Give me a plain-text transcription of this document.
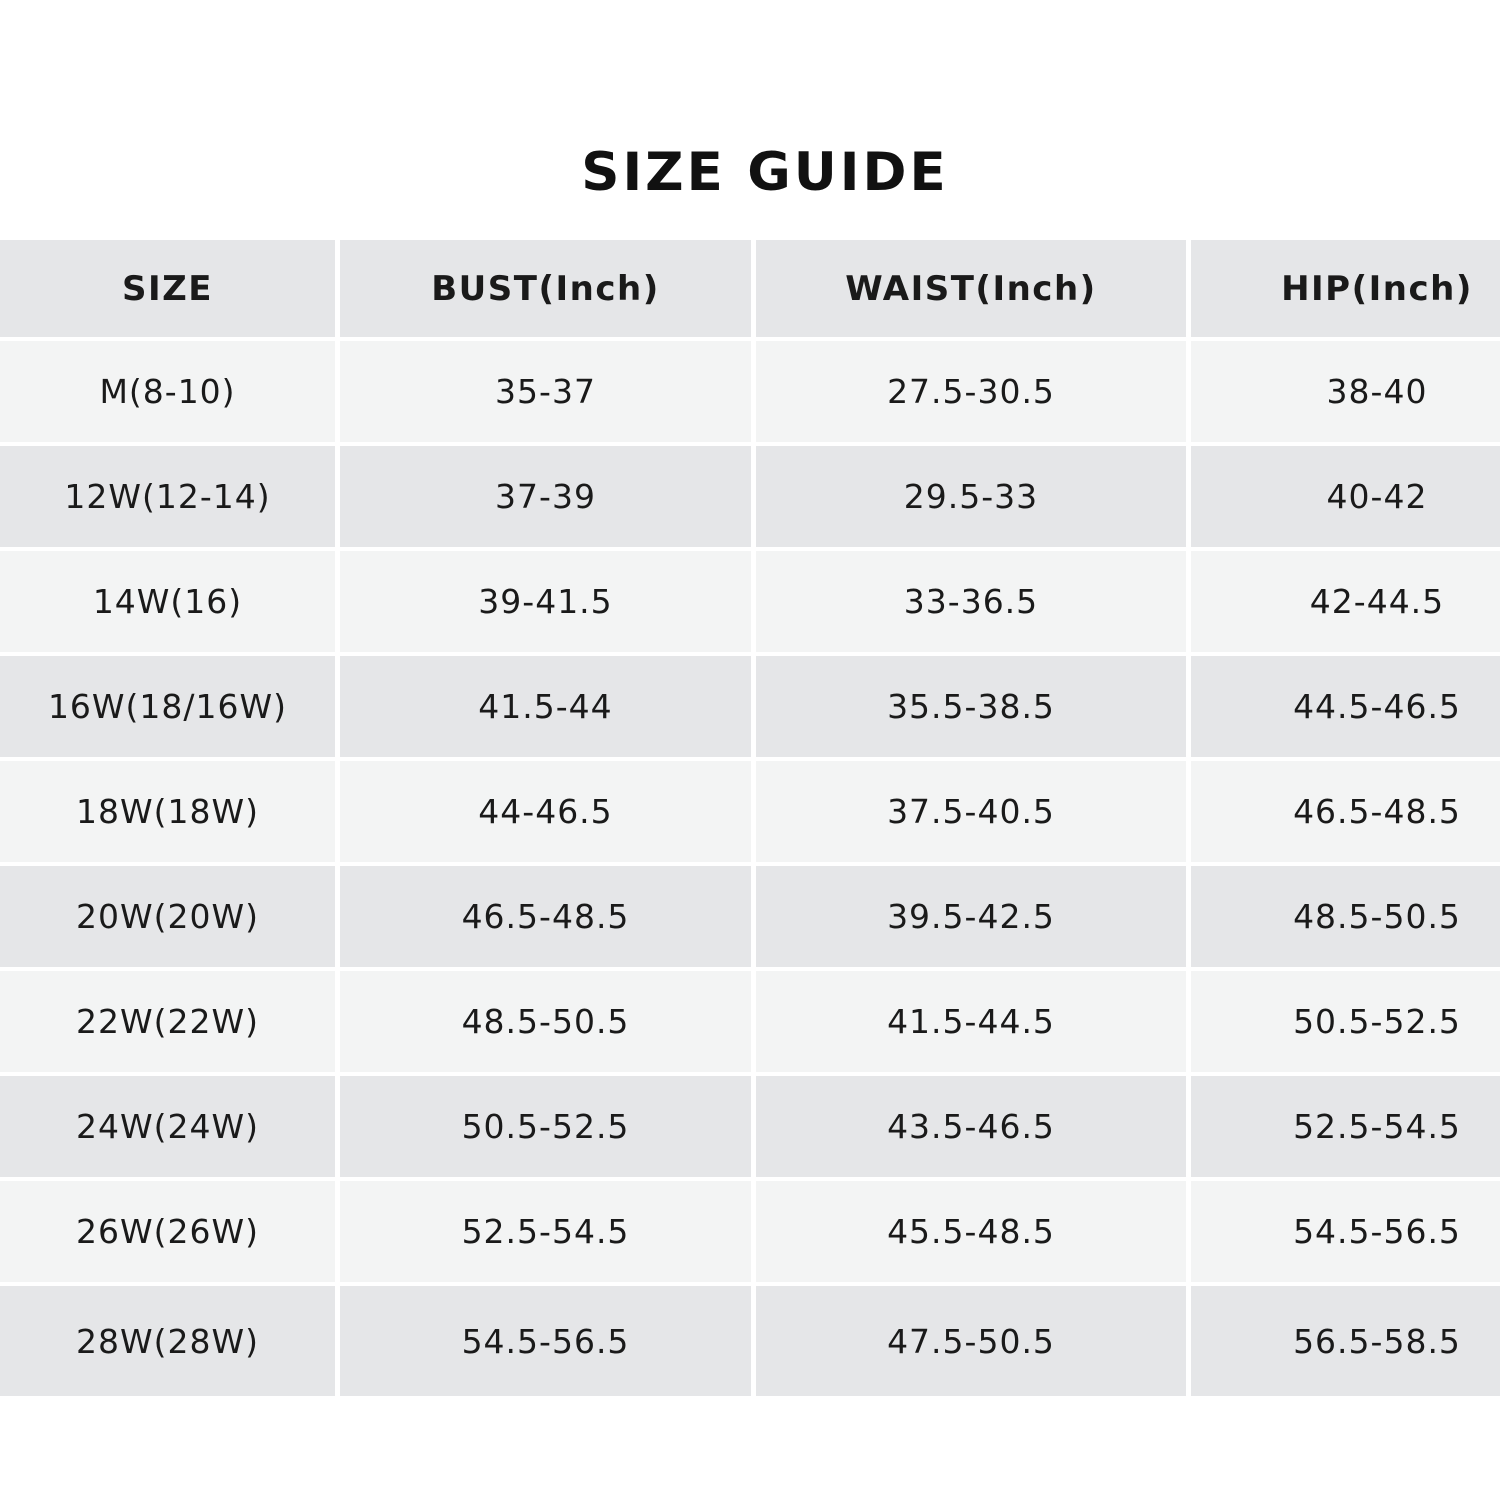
SIZE GUIDE
SIZE	BUST(Inch)	WAIST(Inch)	HIP(Inch)
M(8-10)	35-37	27.5-30.5	38-40
12W(12-14)	37-39	29.5-33	40-42
14W(16)	39-41.5	33-36.5	42-44.5
16W(18/16W)	41.5-44	35.5-38.5	44.5-46.5
18W(18W)	44-46.5	37.5-40.5	46.5-48.5
20W(20W)	46.5-48.5	39.5-42.5	48.5-50.5
22W(22W)	48.5-50.5	41.5-44.5	50.5-52.5
24W(24W)	50.5-52.5	43.5-46.5	52.5-54.5
26W(26W)	52.5-54.5	45.5-48.5	54.5-56.5
28W(28W)	54.5-56.5	47.5-50.5	56.5-58.5
